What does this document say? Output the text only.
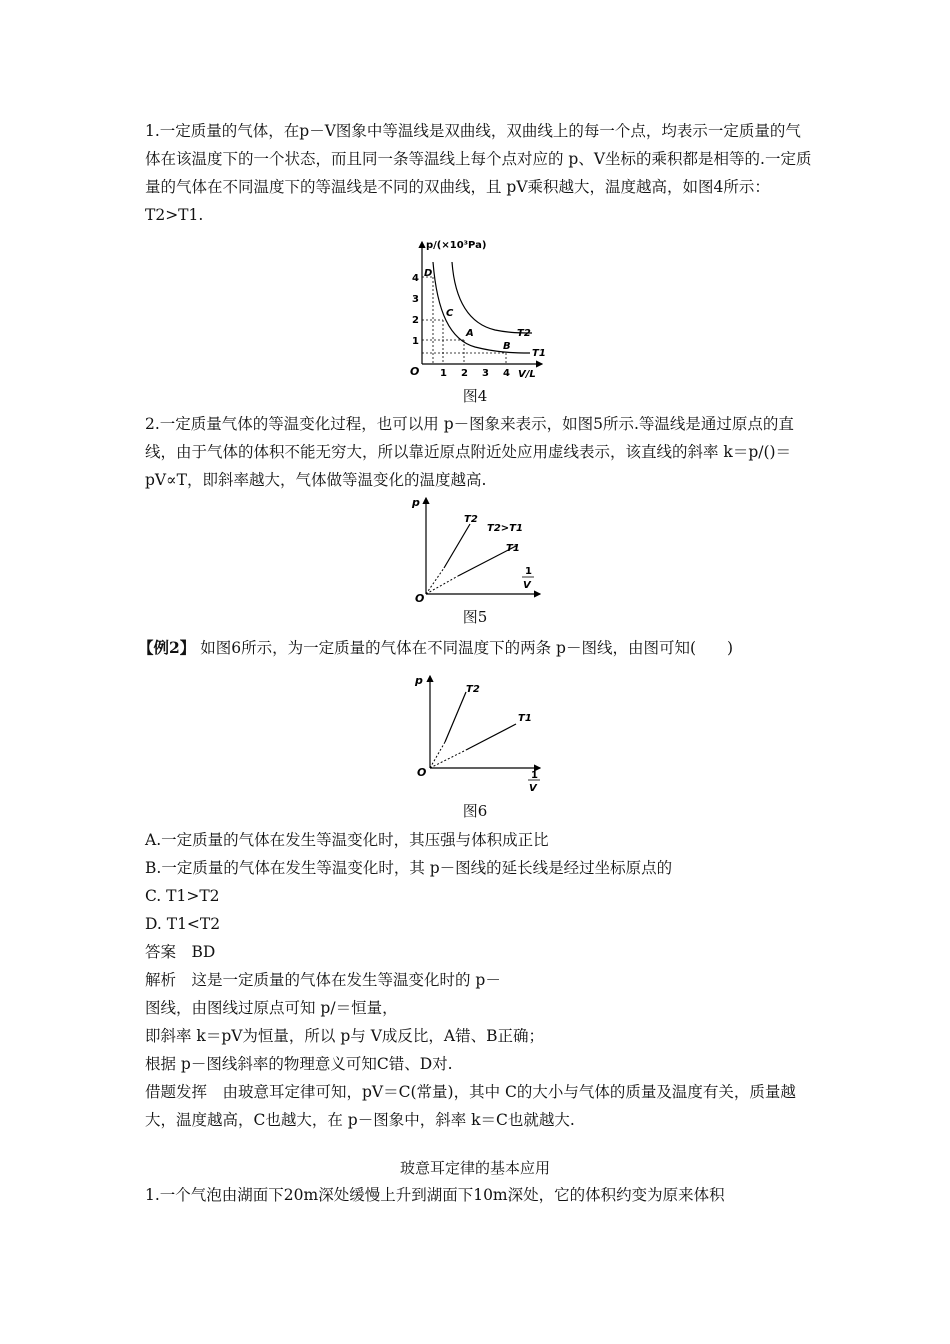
1.一定质量的气体，在p－V图象中等温线是双曲线，双曲线上的每一个点，均表示一定质量的气体在该温度下的一个状态，而且同一条等温线上每个点对应的 p、V坐标的乘积都是相等的.一定质量的气体在不同温度下的等温线是不同的双曲线，且 pV乘积越大，温度越高，如图4所示：T2>T1.

p/(×10³Pa)
V/L
O 1 2 3 4
1
2
3
4 D
C
A
B
T2
T1
图4

2.一定质量气体的等温变化过程，也可以用 p－图象来表示，如图5所示.等温线是通过原点的直线，由于气体的体积不能无穷大，所以靠近原点附近处应用虚线表示，该直线的斜率 k＝p/()＝pV∝T，即斜率越大，气体做等温变化的温度越高.

p
O
1
V
T2
T1
T2>T1
图5

【例2】 如图6所示，为一定质量的气体在不同温度下的两条 p－图线，由图可知(　　)

p
O	1
V
T2
T1
图6

A.一定质量的气体在发生等温变化时，其压强与体积成正比

B.一定质量的气体在发生等温变化时，其 p－图线的延长线是经过坐标原点的

C. T1>T2

D. T1<T2

答案　BD

解析　这是一定质量的气体在发生等温变化时的 p－

图线，由图线过原点可知 p/＝恒量，

即斜率 k＝pV为恒量，所以 p与 V成反比，A错、B正确；

根据 p－图线斜率的物理意义可知C错、D对.

借题发挥　由玻意耳定律可知，pV＝C(常量)，其中 C的大小与气体的质量及温度有关，质量越大，温度越高，C也越大，在 p－图象中，斜率 k＝C也就越大.

玻意耳定律的基本应用

1.一个气泡由湖面下20m深处缓慢上升到湖面下10m深处，它的体积约变为原来体积
